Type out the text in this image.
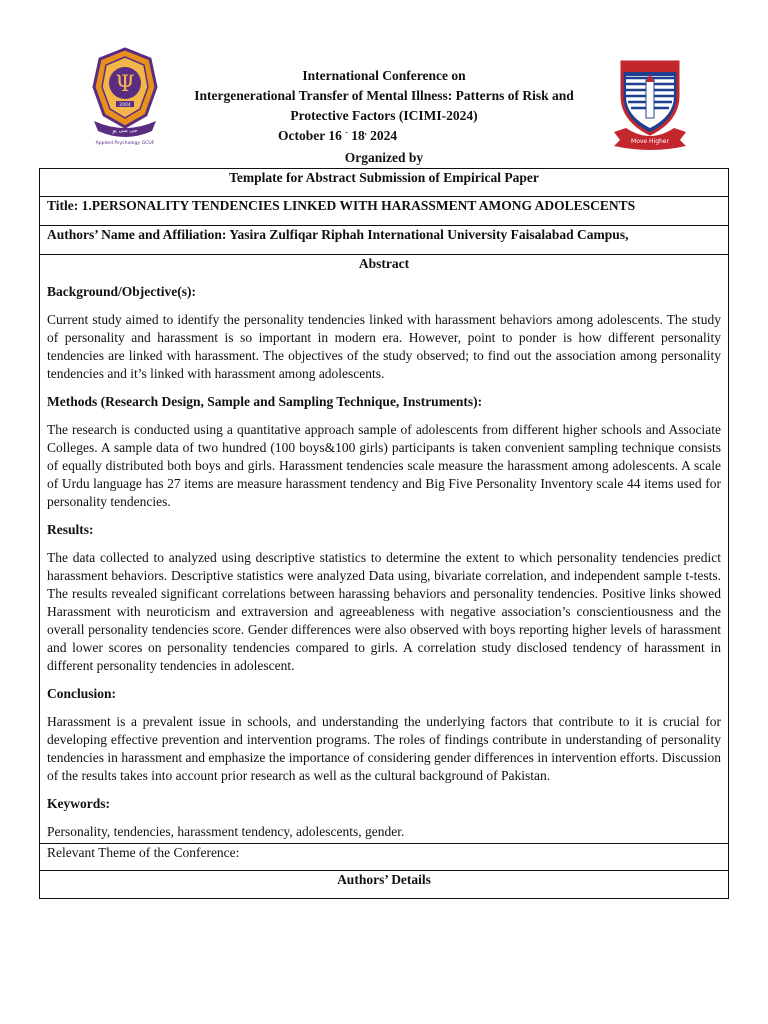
Ψ
2004
ﺟﯽ ﺳﯽ ﯾﻮ
Applied Psychology GCUF	Move Higher
International Conference on
Intergenerational Transfer of Mental Illness: Patterns of Risk and
Protective Factors (ICIMI-2024)
October 16 - 18, 2024
Organized by
Template for Abstract Submission of Empirical Paper
Title: 1.PERSONALITY TENDENCIES LINKED WITH HARASSMENT AMONG ADOLESCENTS
Authors’ Name and Affiliation: Yasira Zulfiqar Riphah International University Faisalabad Campus,

Abstract
Background/Objective(s):
Current study aimed to identify the personality tendencies linked with harassment behaviors among adolescents. The study of personality and harassment is so important in modern era. However, point to ponder is how different personality tendencies are linked with harassment. The objectives of the study observed; to find out the association among personality tendencies and it’s linked with harassment among adolescents.
Methods (Research Design, Sample and Sampling Technique, Instruments):
The research is conducted using a quantitative approach sample of adolescents from different higher schools and Associate Colleges. A sample data of two hundred (100 boys&100 girls) participants is taken convenient sampling technique consists of equally distributed both boys and girls. Harassment tendencies scale measure the harassment among adolescents. A scale of Urdu language has 27 items are measure harassment tendency and Big Five Personality Inventory scale 44 items used for personality tendencies.
Results:
The data collected to analyzed using descriptive statistics to determine the extent to which personality tendencies predict harassment behaviors. Descriptive statistics were analyzed Data using, bivariate correlation, and independent sample t-tests. The results revealed significant correlations between harassing behaviors and personality tendencies. Positive links showed Harassment with neuroticism and extraversion and agreeableness with negative association’s conscientiousness and the overall personality tendencies score. Gender differences were also observed with boys reporting higher levels of harassment and lower scores on personality tendencies compared to girls. A correlation study disclosed tendency of harassment in different personality tendencies in adolescent.
Conclusion:
Harassment is a prevalent issue in schools, and understanding the underlying factors that contribute to it is crucial for developing effective prevention and intervention programs. The roles of findings contribute in understanding of personality tendencies in harassment and emphasize the importance of considering gender differences in intervention efforts. Discussion of the results takes into account prior research as well as the cultural background of Pakistan.
Keywords:
Personality, tendencies, harassment tendency, adolescents, gender.

Relevant Theme of the Conference:
Authors’ Details
